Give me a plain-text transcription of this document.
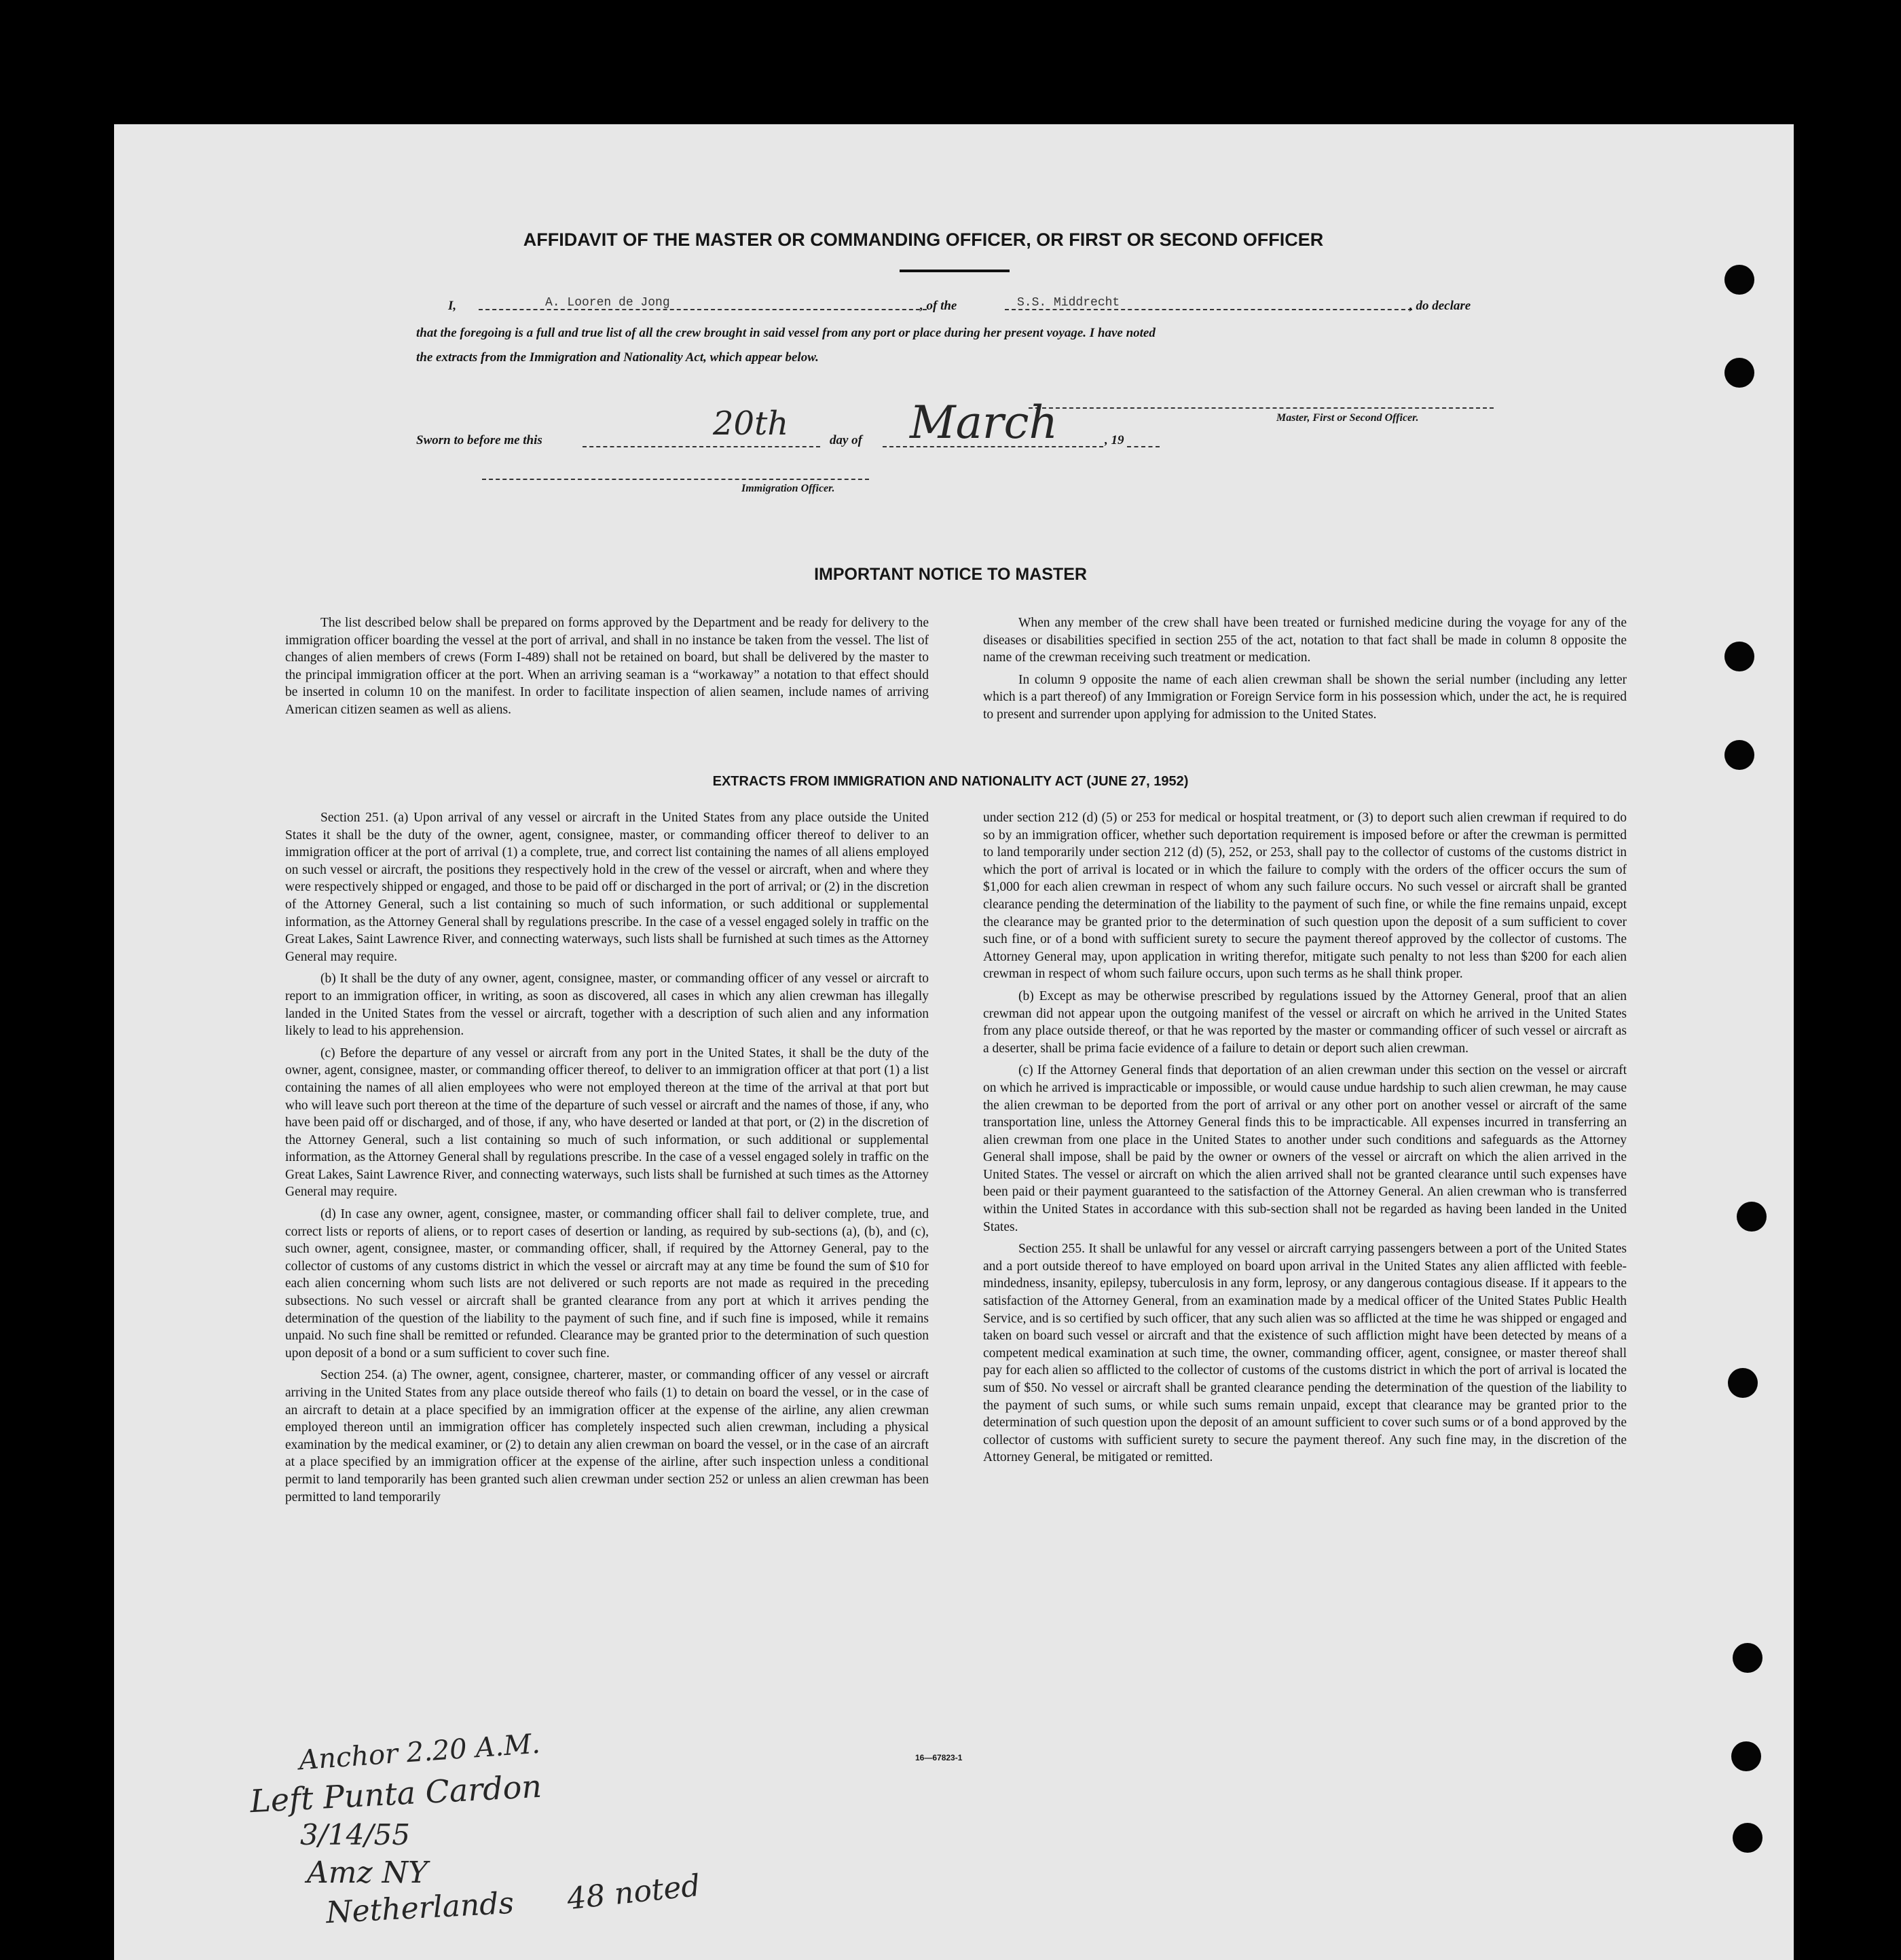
AFFIDAVIT OF THE MASTER OR COMMANDING OFFICER, OR FIRST OR SECOND OFFICER
I,	A. Looren de Jong	, of the	S.S. Middrecht	, do declare
that the foregoing is a full and true list of all the crew brought in said vessel from any port or place during her present voyage. I have noted
the extracts from the Immigration and Nationality Act, which appear below.
Master, First or Second Officer.
Sworn to before me this	20th	day of March	, 19
Immigration Officer.
IMPORTANT NOTICE TO MASTER

The list described below shall be prepared on forms approved by the Department and be ready for delivery to the immigration officer boarding the vessel at the port of arrival, and shall in no instance be taken from the vessel. The list of changes of alien members of crews (Form I-489) shall not be retained on board, but shall be delivered by the master to the principal immigration officer at the port. When an arriving seaman is a “workaway” a notation to that effect should be inserted in column 10 on the manifest. In order to facilitate inspection of alien seamen, include names of arriving American citizen seamen as well as aliens.

When any member of the crew shall have been treated or furnished medicine during the voyage for any of the diseases or disabilities specified in section 255 of the act, notation to that fact shall be made in column 8 opposite the name of the crewman receiving such treatment or medication.

In column 9 opposite the name of each alien crewman shall be shown the serial number (including any letter which is a part thereof) of any Immigration or Foreign Service form in his possession which, under the act, he is required to present and surrender upon applying for admission to the United States.

EXTRACTS FROM IMMIGRATION AND NATIONALITY ACT (JUNE 27, 1952)

Section 251. (a) Upon arrival of any vessel or aircraft in the United States from any place outside the United States it shall be the duty of the owner, agent, consignee, master, or commanding officer thereof to deliver to an immigration officer at the port of arrival (1) a complete, true, and correct list containing the names of all aliens employed on such vessel or aircraft, the positions they respectively hold in the crew of the vessel or aircraft, when and where they were respectively shipped or engaged, and those to be paid off or discharged in the port of arrival; or (2) in the discretion of the Attorney General, such a list containing so much of such information, or such additional or supplemental information, as the Attorney General shall by regulations prescribe. In the case of a vessel engaged solely in traffic on the Great Lakes, Saint Lawrence River, and connecting waterways, such lists shall be furnished at such times as the Attorney General may require.

(b) It shall be the duty of any owner, agent, consignee, master, or commanding officer of any vessel or aircraft to report to an immigration officer, in writing, as soon as discovered, all cases in which any alien crewman has illegally landed in the United States from the vessel or aircraft, together with a description of such alien and any information likely to lead to his apprehension.

(c) Before the departure of any vessel or aircraft from any port in the United States, it shall be the duty of the owner, agent, consignee, master, or commanding officer thereof, to deliver to an immigration officer at that port (1) a list containing the names of all alien employees who were not employed thereon at the time of the arrival at that port but who will leave such port thereon at the time of the departure of such vessel or aircraft and the names of those, if any, who have been paid off or discharged, and of those, if any, who have deserted or landed at that port, or (2) in the discretion of the Attorney General, such a list containing so much of such information, or such additional or supplemental information, as the Attorney General shall by regulations prescribe. In the case of a vessel engaged solely in traffic on the Great Lakes, Saint Lawrence River, and connecting waterways, such lists shall be furnished at such times as the Attorney General may require.

(d) In case any owner, agent, consignee, master, or commanding officer shall fail to deliver complete, true, and correct lists or reports of aliens, or to report cases of desertion or landing, as required by sub-sections (a), (b), and (c), such owner, agent, consignee, master, or commanding officer, shall, if required by the Attorney General, pay to the collector of customs of any customs district in which the vessel or aircraft may at any time be found the sum of $10 for each alien concerning whom such lists are not delivered or such reports are not made as required in the preceding subsections. No such vessel or aircraft shall be granted clearance from any port at which it arrives pending the determination of the question of the liability to the payment of such fine, and if such fine is imposed, while it remains unpaid. No such fine shall be remitted or refunded. Clearance may be granted prior to the determination of such question upon deposit of a bond or a sum sufficient to cover such fine.

Section 254. (a) The owner, agent, consignee, charterer, master, or commanding officer of any vessel or aircraft arriving in the United States from any place outside thereof who fails (1) to detain on board the vessel, or in the case of an aircraft to detain at a place specified by an immigration officer at the expense of the airline, any alien crewman employed thereon until an immigration officer has completely inspected such alien crewman, including a physical examination by the medical examiner, or (2) to detain any alien crewman on board the vessel, or in the case of an aircraft at a place specified by an immigration officer at the expense of the airline, after such inspection unless a conditional permit to land temporarily has been granted such alien crewman under section 252 or unless an alien crewman has been permitted to land temporarily

under section 212 (d) (5) or 253 for medical or hospital treatment, or (3) to deport such alien crewman if required to do so by an immigration officer, whether such deportation requirement is imposed before or after the crewman is permitted to land temporarily under section 212 (d) (5), 252, or 253, shall pay to the collector of customs of the customs district in which the port of arrival is located or in which the failure to comply with the orders of the officer occurs the sum of $1,000 for each alien crewman in respect of whom any such failure occurs. No such vessel or aircraft shall be granted clearance pending the determination of the liability to the payment of such fine, or while the fine remains unpaid, except the clearance may be granted prior to the determination of such question upon the deposit of a sum sufficient to cover such fine, or of a bond with sufficient surety to secure the payment thereof approved by the collector of customs. The Attorney General may, upon application in writing therefor, mitigate such penalty to not less than $200 for each alien crewman in respect of whom such failure occurs, upon such terms as he shall think proper.

(b) Except as may be otherwise prescribed by regulations issued by the Attorney General, proof that an alien crewman did not appear upon the outgoing manifest of the vessel or aircraft on which he arrived in the United States from any place outside thereof, or that he was reported by the master or commanding officer of such vessel or aircraft as a deserter, shall be prima facie evidence of a failure to detain or deport such alien crewman.

(c) If the Attorney General finds that deportation of an alien crewman under this section on the vessel or aircraft on which he arrived is impracticable or impossible, or would cause undue hardship to such alien crewman, he may cause the alien crewman to be deported from the port of arrival or any other port on another vessel or aircraft of the same transportation line, unless the Attorney General finds this to be impracticable. All expenses incurred in transferring an alien crewman from one place in the United States to another under such conditions and safeguards as the Attorney General shall impose, shall be paid by the owner or owners of the vessel or aircraft on which the alien arrived in the United States. The vessel or aircraft on which the alien arrived shall not be granted clearance until such expenses have been paid or their payment guaranteed to the satisfaction of the Attorney General. An alien crewman who is transferred within the United States in accordance with this sub-section shall not be regarded as having been landed in the United States.

Section 255. It shall be unlawful for any vessel or aircraft carrying passengers between a port of the United States and a port outside thereof to have employed on board upon arrival in the United States any alien afflicted with feeble-mindedness, insanity, epilepsy, tuberculosis in any form, leprosy, or any dangerous contagious disease. If it appears to the satisfaction of the Attorney General, from an examination made by a medical officer of the United States Public Health Service, and is so certified by such officer, that any such alien was so afflicted at the time he was shipped or engaged and taken on board such vessel or aircraft and that the existence of such affliction might have been detected by means of a competent medical examination at such time, the owner, commanding officer, agent, consignee, or master thereof shall pay for each alien so afflicted to the collector of customs of the customs district in which the port of arrival is located the sum of $50. No vessel or aircraft shall be granted clearance pending the determination of the question of the liability to the payment of such sums, or while such sums remain unpaid, except that clearance may be granted prior to the determination of such question upon the deposit of an amount sufficient to cover such sums or of a bond approved by the collector of customs with sufficient surety to secure the payment thereof. Any such fine may, in the discretion of the Attorney General, be mitigated or remitted.

16—67823-1
Anchor 2.20 A.M.
Left Punta Cardon
3/14/55
Amz NY
Netherlands 48 noted
